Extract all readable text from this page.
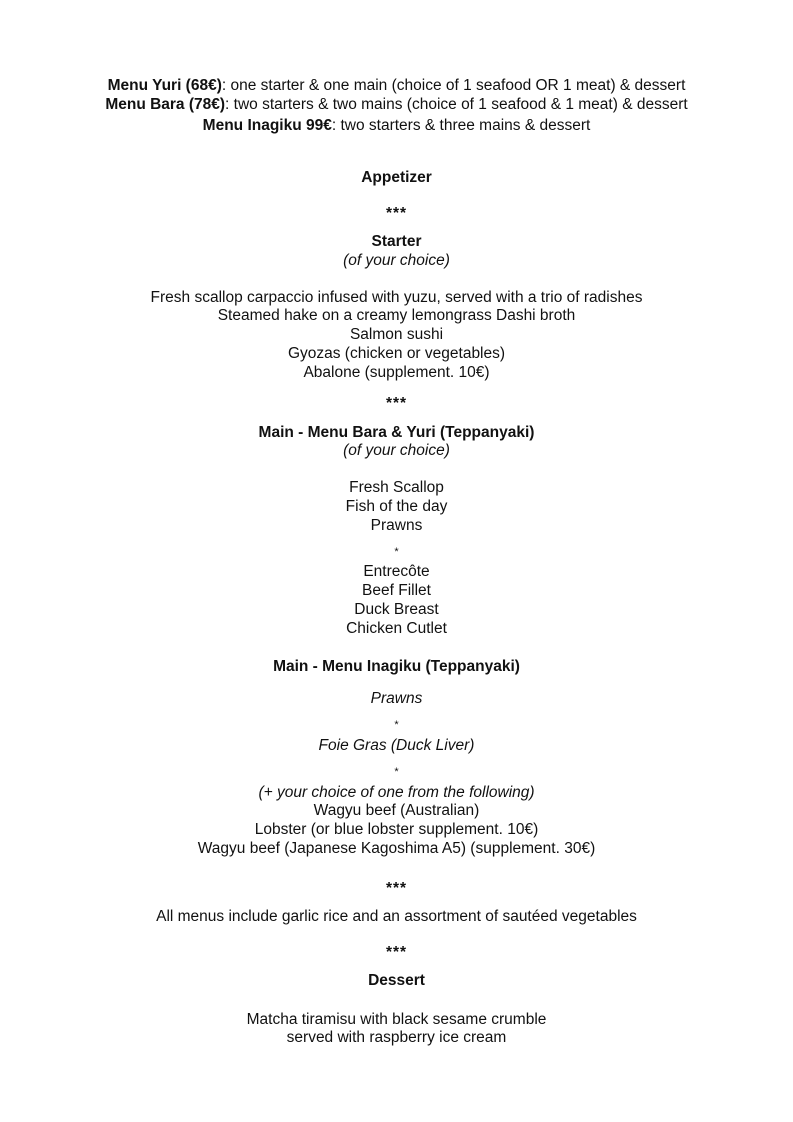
Menu Yuri (68€): one starter & one main (choice of 1 seafood OR 1 meat) & dessert
Menu Bara (78€): two starters & two mains (choice of 1 seafood & 1 meat) & dessert
Menu Inagiku 99€: two starters & three mains & dessert
Appetizer
***
Starter
(of your choice)
Fresh scallop carpaccio infused with yuzu, served with a trio of radishes
Steamed hake on a creamy lemongrass Dashi broth
Salmon sushi
Gyozas (chicken or vegetables)
Abalone (supplement. 10€)
***
Main - Menu Bara & Yuri (Teppanyaki)
(of your choice)
Fresh Scallop
Fish of the day
Prawns
*
Entrecôte
Beef Fillet
Duck Breast
Chicken Cutlet
Main - Menu Inagiku (Teppanyaki)
Prawns
*
Foie Gras (Duck Liver)
*
(+ your choice of one from the following)
Wagyu beef (Australian)
Lobster (or blue lobster supplement. 10€)
Wagyu beef (Japanese Kagoshima A5) (supplement. 30€)
***
All menus include garlic rice and an assortment of sautéed vegetables
***
Dessert
Matcha tiramisu with black sesame crumble
served with raspberry ice cream
